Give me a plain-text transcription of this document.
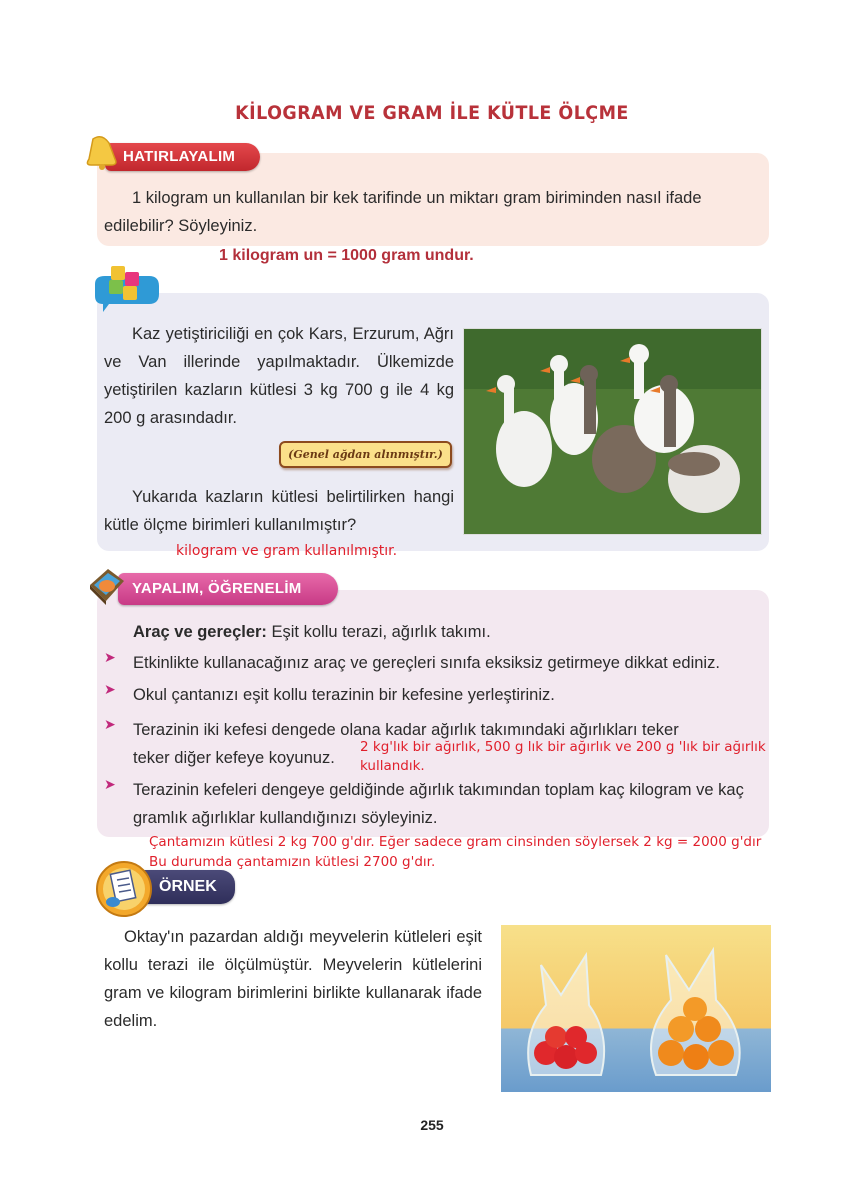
KİLOGRAM VE GRAM İLE KÜTLE ÖLÇME
HATIRLAYALIM
1 kilogram un kullanılan bir kek tarifinde un miktarı gram biriminden nasıl ifade edilebilir? Söyleyiniz.
1 kilogram un = 1000 gram undur.
Kaz yetiştiriciliği en çok Kars, Erzurum, Ağrı ve Van illerinde yapılmaktadır. Ülkemizde yetiştirilen kazların kütlesi 3 kg 700 g ile 4 kg 200 g arasındadır.
(Genel ağdan alınmıştır.)
Yukarıda kazların kütlesi belirtilirken hangi kütle ölçme birimleri kullanılmıştır?
kilogram ve gram kullanılmıştır.
YAPALIM, ÖĞRENELİM
Araç ve gereçler: Eşit kollu terazi, ağırlık takımı.
➤ Etkinlikte kullanacağınız araç ve gereçleri sınıfa eksiksiz getirmeye dikkat ediniz.
➤ Okul çantanızı eşit kollu terazinin bir kefesine yerleştiriniz.
➤ Terazinin iki kefesi dengede olana kadar ağırlık takımındaki ağırlıkları teker
teker diğer kefeye koyunuz.
2 kg'lık bir ağırlık, 500 g lık bir ağırlık ve 200 g 'lık bir ağırlık
kullandık.
➤ Terazinin kefeleri dengeye geldiğinde ağırlık takımından toplam kaç kilogram ve kaç gramlık ağırlıklar kullandığınızı söyleyiniz.
Çantamızın kütlesi 2 kg 700 g'dır. Eğer sadece gram cinsinden söylersek 2 kg = 2000 g'dır
Bu durumda çantamızın kütlesi 2700 g'dır.
ÖRNEK
Oktay'ın pazardan aldığı meyvelerin kütleleri eşit kollu terazi ile ölçülmüştür. Meyvelerin kütlelerini gram ve kilogram birimlerini birlikte kullanarak ifade edelim.
255
